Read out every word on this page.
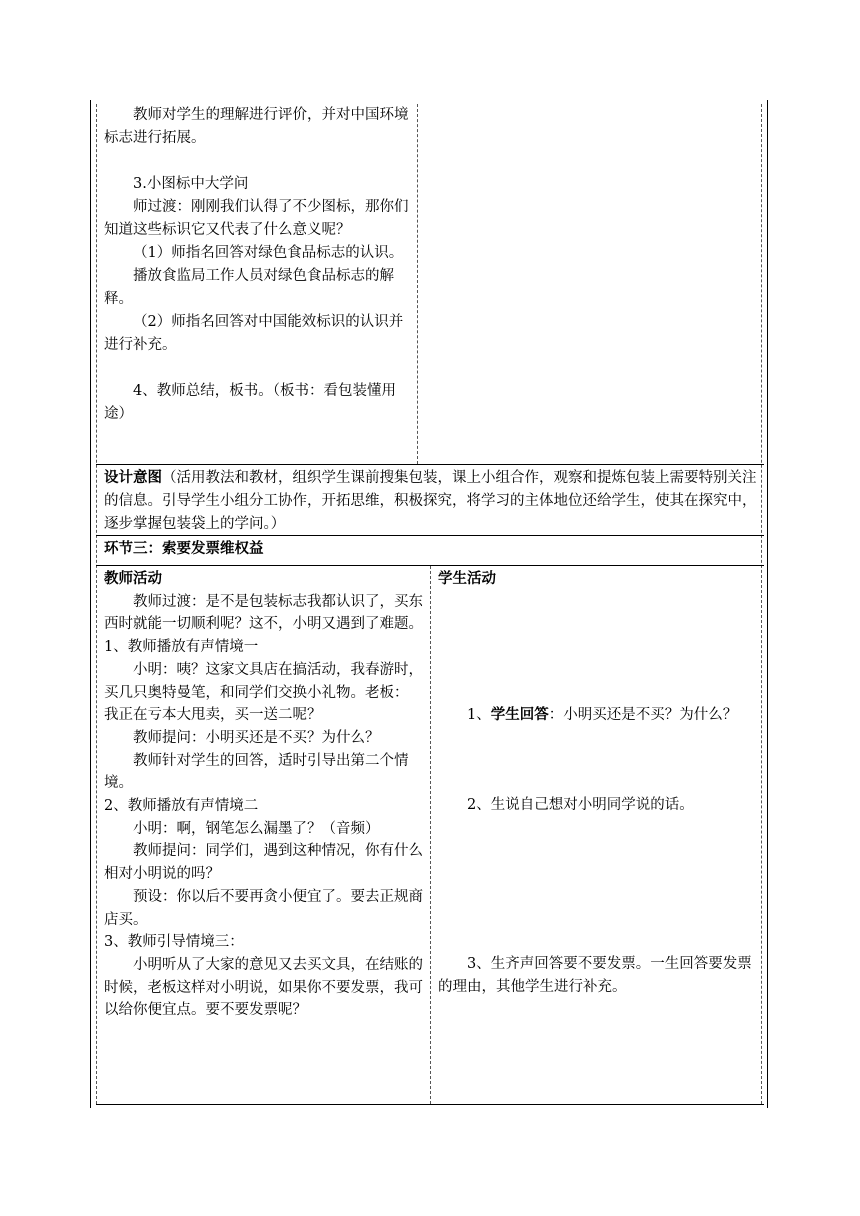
教师对学生的理解进行评价，并对中国环境标志进行拓展。

3.小图标中大学问

师过渡：刚刚我们认得了不少图标，那你们知道这些标识它又代表了什么意义呢？

（1）师指名回答对绿色食品标志的认识。

播放食监局工作人员对绿色食品标志的解释。

（2）师指名回答对中国能效标识的认识并进行补充。

4、教师总结，板书。（板书：看包装懂用途）

设计意图（活用教法和教材，组织学生课前搜集包装，课上小组合作，观察和提炼包装上需要特别关注的信息。引导学生小组分工协作，开拓思维，积极探究，将学习的主体地位还给学生，使其在探究中，逐步掌握包装袋上的学问。）

环节三：索要发票维权益

教师活动

教师过渡：是不是包装标志我都认识了，买东西时就能一切顺利呢？这不，小明又遇到了难题。

1、教师播放有声情境一

小明：咦？这家文具店在搞活动，我春游时，买几只奥特曼笔，和同学们交换小礼物。老板： 我正在亏本大甩卖，买一送二呢？

教师提问：小明买还是不买？为什么？

教师针对学生的回答，适时引导出第二个情境。

2、教师播放有声情境二

小明：啊，钢笔怎么漏墨了？（音频）

教师提问：同学们，遇到这种情况，你有什么相对小明说的吗？

预设：你以后不要再贪小便宜了。要去正规商店买。

3、教师引导情境三：

小明听从了大家的意见又去买文具，在结账的时候，老板这样对小明说，如果你不要发票，我可以给你便宜点。要不要发票呢？

学生活动

1、学生回答：小明买还是不买？为什么？

2、生说自己想对小明同学说的话。

3、生齐声回答要不要发票。一生回答要发票的理由，其他学生进行补充。
